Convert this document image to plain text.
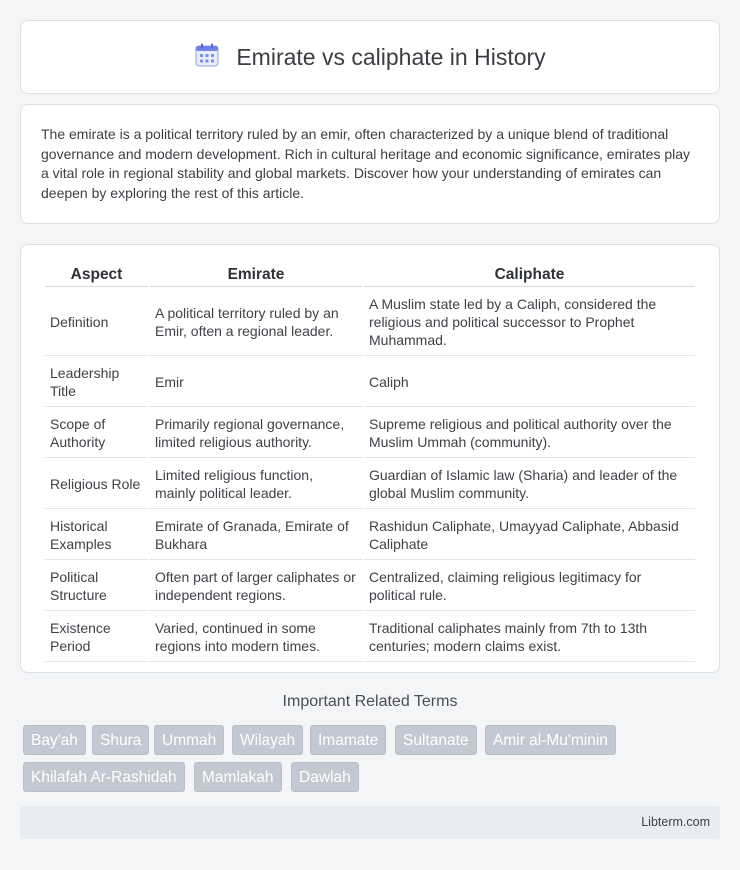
Emirate vs caliphate in History

The emirate is a political territory ruled by an emir, often characterized by a unique blend of traditional governance and modern development. Rich in cultural heritage and economic significance, emirates play a vital role in regional stability and global markets. Discover how your understanding of emirates can deepen by exploring the rest of this article.

Aspect	Emirate	Caliphate
Definition	A political territory ruled by an Emir, often a regional leader.	A Muslim state led by a Caliph, considered the religious and political successor to Prophet Muhammad.
Leadership Title	Emir	Caliph
Scope of Authority	Primarily regional governance, limited religious authority.	Supreme religious and political authority over the Muslim Ummah (community).
Religious Role	Limited religious function, mainly political leader.	Guardian of Islamic law (Sharia) and leader of the global Muslim community.
Historical Examples	Emirate of Granada, Emirate of Bukhara	Rashidun Caliphate, Umayyad Caliphate, Abbasid Caliphate
Political Structure	Often part of larger caliphates or independent regions.	Centralized, claiming religious legitimacy for political rule.
Existence Period	Varied, continued in some regions into modern times.	Traditional caliphates mainly from 7th to 13th centuries; modern claims exist.
Important Related Terms
Bay'ah	Shura	Ummah	Wilayah	Imamate	Sultanate	Amir al-Mu'minin
Khilafah Ar-Rashidah	Mamlakah	Dawlah
Libterm.com
